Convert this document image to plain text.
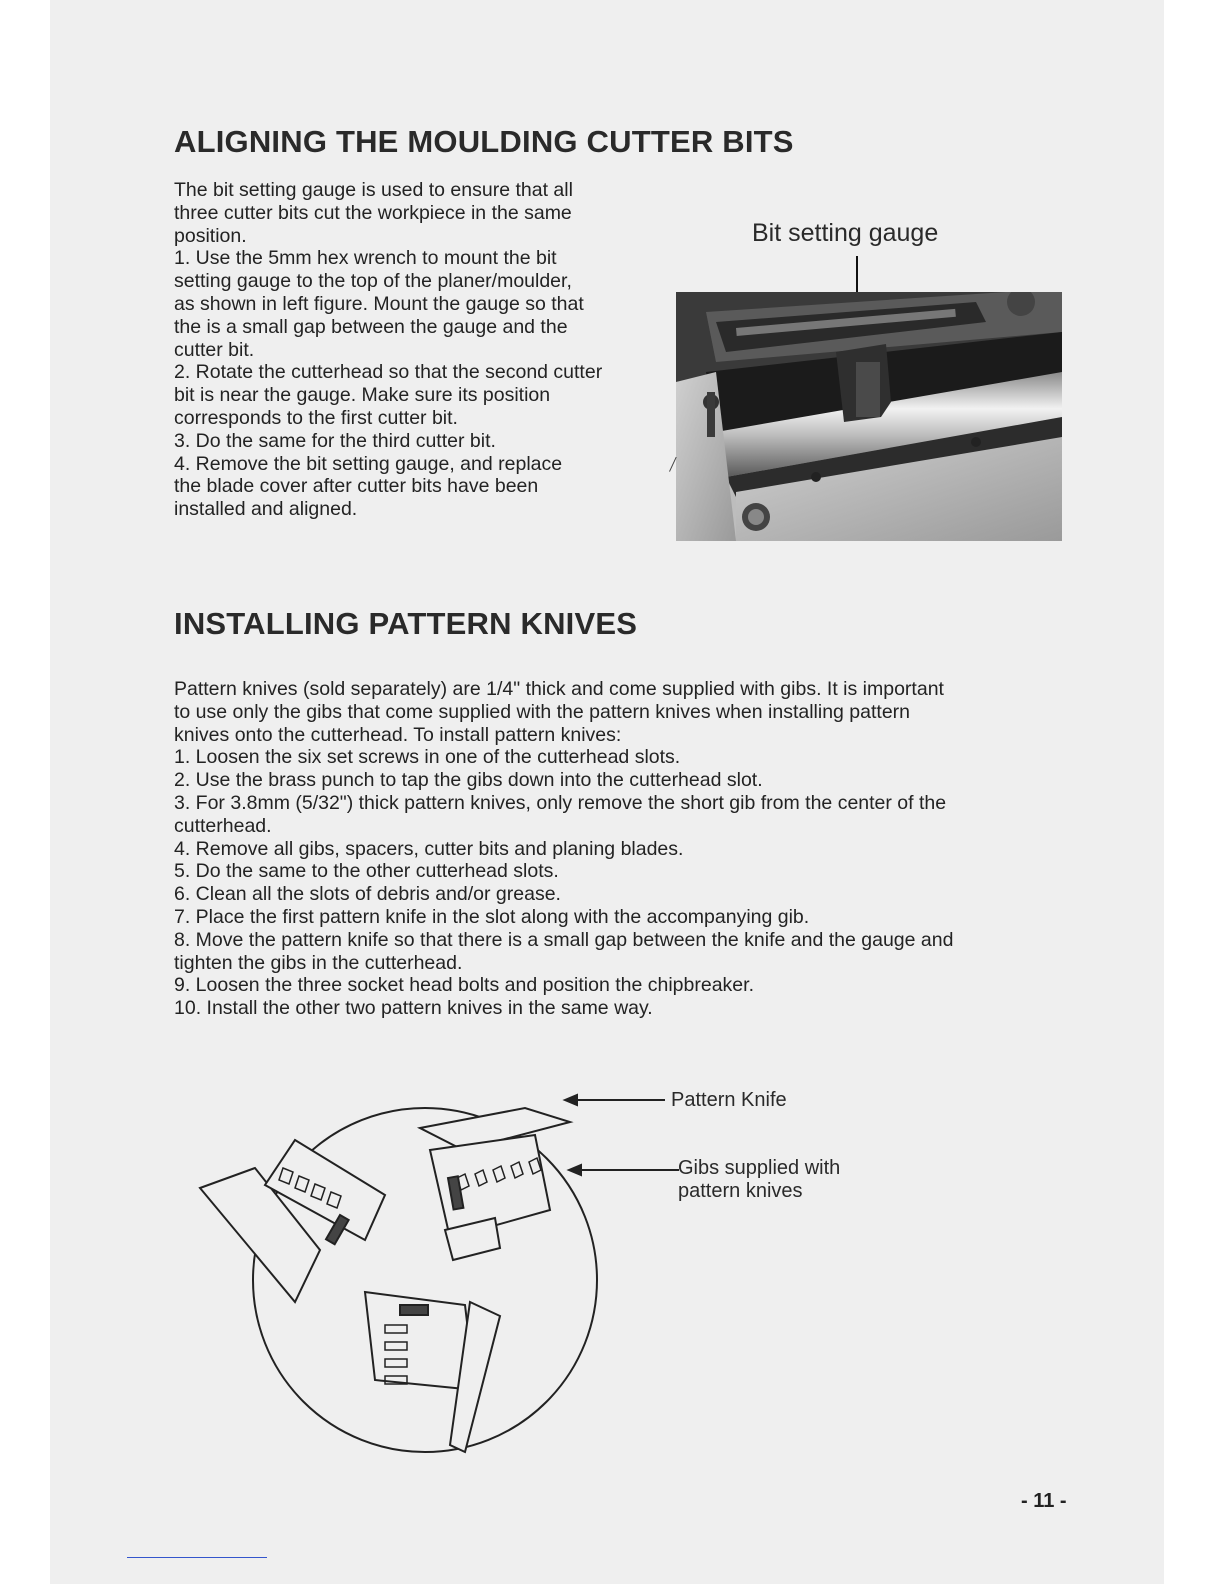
ALIGNING THE MOULDING CUTTER BITS
The bit setting gauge is used to ensure that all
three cutter bits cut the workpiece in the same
position.
1. Use the 5mm hex wrench to mount the bit
setting gauge to the top of the planer/moulder,
as shown in left figure. Mount the gauge so that
the is a small gap between the gauge and the
cutter bit.
2. Rotate the cutterhead so that the second cutter
bit is near the gauge. Make sure its position
corresponds to the first cutter bit.
3. Do the same for the third cutter bit.
4. Remove the bit setting gauge, and replace
the blade cover after cutter bits have been
installed and aligned.
Bit setting gauge
INSTALLING PATTERN KNIVES
Pattern knives (sold separately) are 1/4" thick and come supplied with gibs. It is important
to use only the gibs that come supplied with the pattern knives when installing pattern
knives onto the cutterhead. To install pattern knives:
1. Loosen the six set screws in one of the cutterhead slots.
2. Use the brass punch to tap the gibs down into the cutterhead slot.
3. For 3.8mm (5/32") thick pattern knives, only remove the short gib from the center of the
cutterhead.
4. Remove all gibs, spacers, cutter bits and planing blades.
5. Do the same to the other cutterhead slots.
6. Clean all the slots of debris and/or grease.
7. Place the first pattern knife in the slot along with the accompanying gib.
8. Move the pattern knife so that there is a small gap between the knife and the gauge and
tighten the gibs in the cutterhead.
9. Loosen the three socket head bolts and position the chipbreaker.
10. Install the other two pattern knives in the same way.
Pattern Knife
Gibs supplied with
pattern knives
- 11 -
